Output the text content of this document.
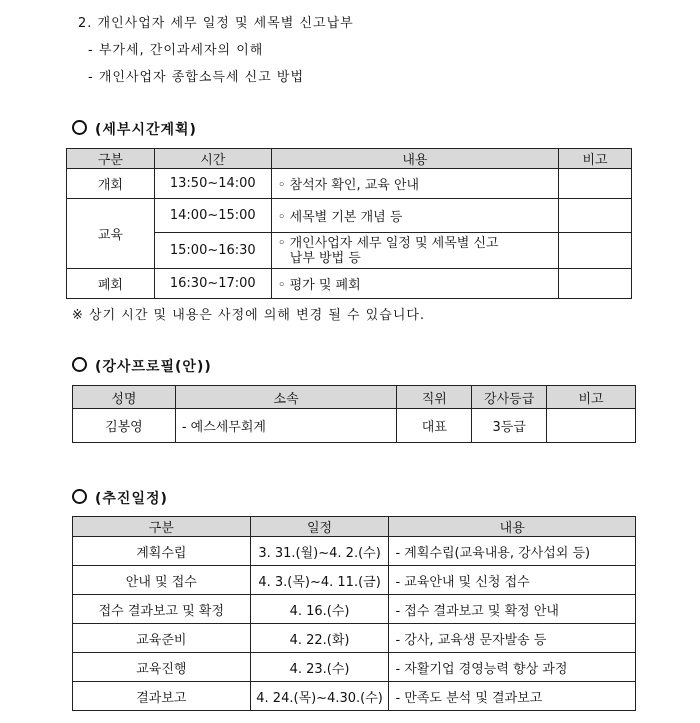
2. 개인사업자 세무 일정 및 세목별 신고납부
- 부가세, 간이과세자의 이해
- 개인사업자 종합소득세 신고 방법
(세부시간계획)
구분	시간	내용	비고
개회	13:50~14:00	◦ 참석자 확인, 교육 안내	
교육	14:00~15:00	◦ 세목별 기본 개념 등	
	15:00~16:30	◦ 개인사업자 세무 일정 및 세목별 신고
납부 방법 등	

폐회	16:30~17:00	◦ 평가 및 폐회	
※ 상기 시간 및 내용은 사정에 의해 변경 될 수 있습니다.
(강사프로필(안))
성명	소속	직위	강사등급	비고
김봉영	- 예스세무회계	대표	3등급	
(추진일정)
구분	일정	내용
계획수립	3. 31.(월)~4. 2.(수)	- 계획수립(교육내용, 강사섭외 등)
안내 및 접수	4. 3.(목)~4. 11.(금)	- 교육안내 및 신청 접수
접수 결과보고 및 확정	4. 16.(수)	- 접수 결과보고 및 확정 안내
교육준비	4. 22.(화)	- 강사, 교육생 문자발송 등
교육진행	4. 23.(수)	- 자활기업 경영능력 향상 과정
결과보고	4. 24.(목)~4.30.(수)	- 만족도 분석 및 결과보고
